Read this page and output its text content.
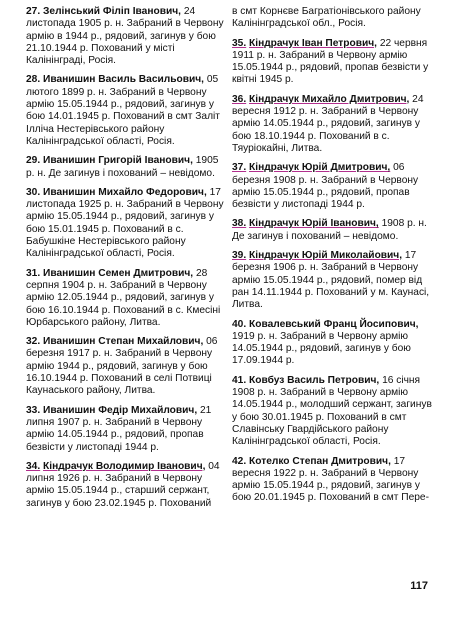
27. Зелінський Філіп Іванович, 24 листопада 1905 р. н. Забраний в Червону армію в 1944 р., рядовий, загинув у бою 21.10.1944 р. Похований у місті Калінінграді, Росія.

28. Иванишин Василь Васильович, 05 лютого 1899 р. н. Забраний в Червону армію 15.05.1944 р., рядовий, загинув у бою 14.01.1945 р. Похований в смт Заліт Ілліча Нестерівського району Калінінградської області, Росія.

29. Иванишин Григорій Іванович, 1905 р. н. Де загинув і похований – невідомо.

30. Иванишин Михайло Федорович, 17 листопада 1925 р. н. Забраний в Червону армію 15.05.1944 р., рядовий, загинув у бою 15.01.1945 р. Похований в с. Бабушкіне Нестерівського району Калінінградської області, Росія.

31. Иванишин Семен Дмитрович, 28 серпня 1904 р. н. Забраний в Червону армію 12.05.1944 р., рядовий, загинув у бою 16.10.1944 р. Похований в с. Кмесіні Юрбарського району, Литва.

32. Иванишин Степан Михайлович, 06 березня 1917 р. н. Забраний в Червону армію 1944 р., рядовий, загинув у бою 16.10.1944 р. Похований в селі Потвиці Каунаського району, Литва.

33. Иванишин Федір Михайлович, 21 липня 1907 р. н. Забраний в Червону армію 14.05.1944 р., рядовий, пропав безвісти у листопаді 1944 р.

34. Кіндрачук Володимир Іванович, 04 липня 1926 р. н. Забраний в Червону армію 15.05.1944 р., старший сержант, загинув у бою 23.02.1945 р. Похований

в смт Корнєве Багратіонівського району Калінінградської обл., Росія.

35. Кіндрачук Іван Петрович, 22 червня 1911 р. н. Забраний в Червону армію 15.05.1944 р., рядовий, пропав безвісти у квітні 1945 р.

36. Кіндрачук Михайло Дмитрович, 24 вересня 1912 р. н. Забраний в Червону армію 14.05.1944 р., рядовий, загинув у бою 18.10.1944 р. Похований в с. Тяуріокайні, Литва.

37. Кіндрачук Юрій Дмитрович, 06 березня 1908 р. н. Забраний в Червону армію 15.05.1944 р., рядовий, пропав безвісти у листопаді 1944 р.

38. Кіндрачук Юрій Іванович, 1908 р. н. Де загинув і похований – невідомо.

39. Кіндрачук Юрій Миколайович, 17 березня 1906 р. н. Забраний в Червону армію 15.05.1944 р., рядовий, помер від ран 14.11.1944 р. Похований у м. Каунасі, Литва.

40. Ковалевський Франц Йосипович, 1919 р. н. Забраний в Червону армію 14.05.1944 р., рядовий, загинув у бою 17.09.1944 р.

41. Ковбуз Василь Петрович, 16 січня 1908 р. н. Забраний в Червону армію 14.05.1944 р., молодший сержант, загинув у бою 30.01.1945 р. Похований в смт Славінську Гвардійського району Калінінградської області, Росія.

42. Котелко Степан Дмитрович, 17 вересня 1922 р. н. Забраний в Червону армію 15.05.1944 р., рядовий, загинув у бою 20.01.1945 р. Похований в смт Пере-

117
